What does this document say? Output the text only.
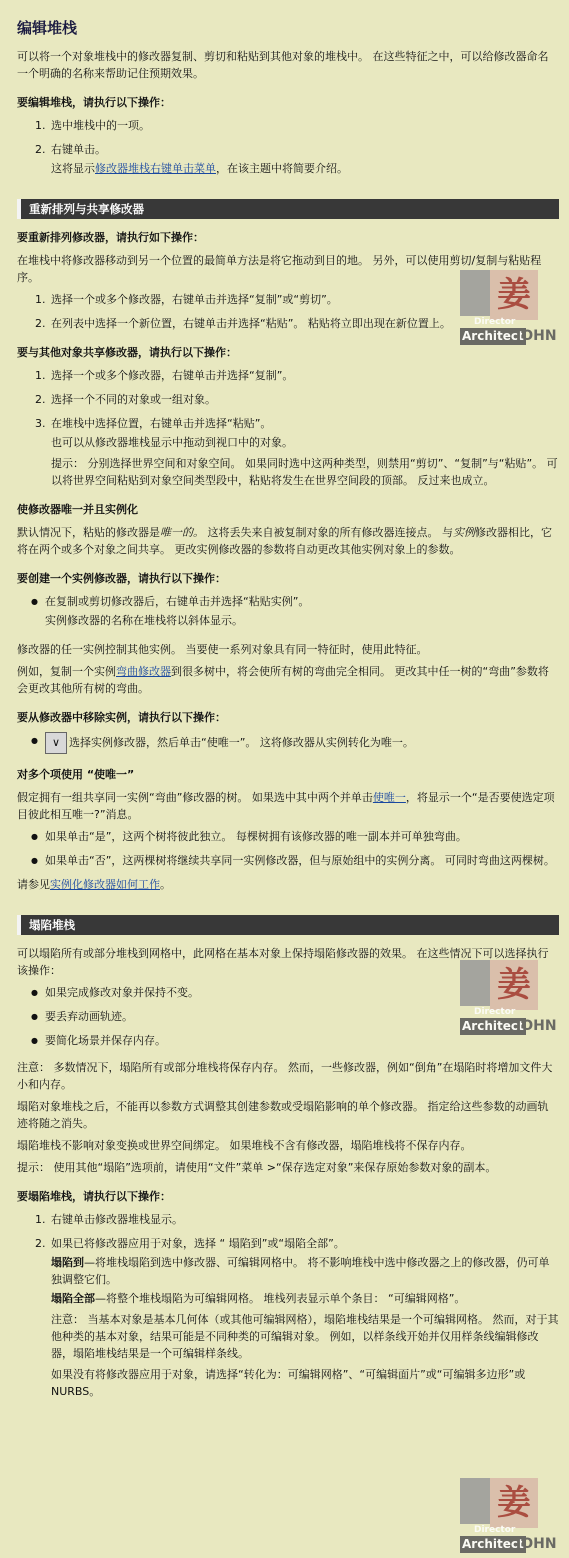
编辑堆栈

可以将一个对象堆栈中的修改器复制、剪切和粘贴到其他对象的堆栈中。 在这些特征之中，可以给修改器命名一个明确的名称来帮助记住预期效果。

要编辑堆栈，请执行以下操作：

1. 选中堆栈中的一项。
2. 右键单击。
这将显示修改器堆栈右键单击菜单，在该主题中将简要介绍。
重新排列与共享修改器

要重新排列修改器，请执行如下操作：

在堆栈中将修改器移动到另一个位置的最简单方法是将它拖动到目的地。 另外，可以使用剪切/复制与粘贴程序。

1. 选择一个或多个修改器，右键单击并选择“复制”或“剪切”。
2. 在列表中选择一个新位置，右键单击并选择“粘贴”。 粘贴将立即出现在新位置上。

要与其他对象共享修改器，请执行以下操作：

1. 选择一个或多个修改器，右键单击并选择“复制”。
2. 选择一个不同的对象或一组对象。
3. 在堆栈中选择位置，右键单击并选择“粘贴”。
也可以从修改器堆栈显示中拖动到视口中的对象。
提示： 分别选择世界空间和对象空间。 如果同时选中这两种类型，则禁用“剪切”、“复制”与“粘贴”。 可以将世界空间粘贴到对象空间类型段中，粘贴将发生在世界空间段的顶部。 反过来也成立。

使修改器唯一并且实例化

默认情况下，粘贴的修改器是唯一的。 这将丢失来自被复制对象的所有修改器连接点。 与实例修改器相比，它将在两个或多个对象之间共享。 更改实例修改器的参数将自动更改其他实例对象上的参数。

要创建一个实例修改器，请执行以下操作：

● 在复制或剪切修改器后，右键单击并选择“粘贴实例”。
实例修改器的名称在堆栈将以斜体显示。

修改器的任一实例控制其他实例。 当要使一系列对象具有同一特征时，使用此特征。

例如，复制一个实例弯曲修改器到很多树中，将会使所有树的弯曲完全相同。 更改其中任一树的“弯曲”参数将会更改其他所有树的弯曲。

要从修改器中移除实例，请执行以下操作：

● ∨ 选择实例修改器，然后单击“使唯一”。 这将修改器从实例转化为唯一。

对多个项使用 “使唯一”

假定拥有一组共享同一实例“弯曲”修改器的树。 如果选中其中两个并单击使唯一，将显示一个“是否要使选定项目彼此相互唯一?”消息。

● 如果单击“是”，这两个树将彼此独立。 每棵树拥有该修改器的唯一副本并可单独弯曲。
● 如果单击“否”，这两棵树将继续共享同一实例修改器，但与原始组中的实例分离。 可同时弯曲这两棵树。

请参见实例化修改器如何工作。

塌陷堆栈

可以塌陷所有或部分堆栈到网格中，此网格在基本对象上保持塌陷修改器的效果。 在这些情况下可以选择执行该操作：

● 如果完成修改对象并保持不变。
● 要丢弃动画轨迹。
● 要简化场景并保存内存。

注意： 多数情况下，塌陷所有或部分堆栈将保存内存。 然而，一些修改器，例如“倒角”在塌陷时将增加文件大小和内存。

塌陷对象堆栈之后，不能再以参数方式调整其创建参数或受塌陷影响的单个修改器。 指定给这些参数的动画轨迹将随之消失。

塌陷堆栈不影响对象变换或世界空间绑定。 如果堆栈不含有修改器，塌陷堆栈将不保存内存。

提示： 使用其他“塌陷”选项前，请使用“文件”菜单 >“保存选定对象”来保存原始参数对象的副本。

要塌陷堆栈，请执行以下操作：

1. 右键单击修改器堆栈显示。
2. 如果已将修改器应用于对象，选择 “ 塌陷到”或“塌陷全部”。
塌陷到—将堆栈塌陷到选中修改器、可编辑网格中。 将不影响堆栈中选中修改器之上的修改器，仍可单独调整它们。
塌陷全部—将整个堆栈塌陷为可编辑网格。 堆栈列表显示单个条目： “可编辑网格”。
注意： 当基本对象是基本几何体（或其他可编辑网格），塌陷堆栈结果是一个可编辑网格。 然而，对于其他种类的基本对象，结果可能是不同种类的可编辑对象。 例如，以样条线开始并仅用样条线编辑修改器，塌陷堆栈结果是一个可编辑样条线。
如果没有将修改器应用于对象，请选择“转化为：可编辑网格”、“可编辑面片”或“可编辑多边形”或 NURBS。
姜
Director
Architect
JOHN
姜
Director
Architect
JOHN
姜
Director
Architect
JOHN
